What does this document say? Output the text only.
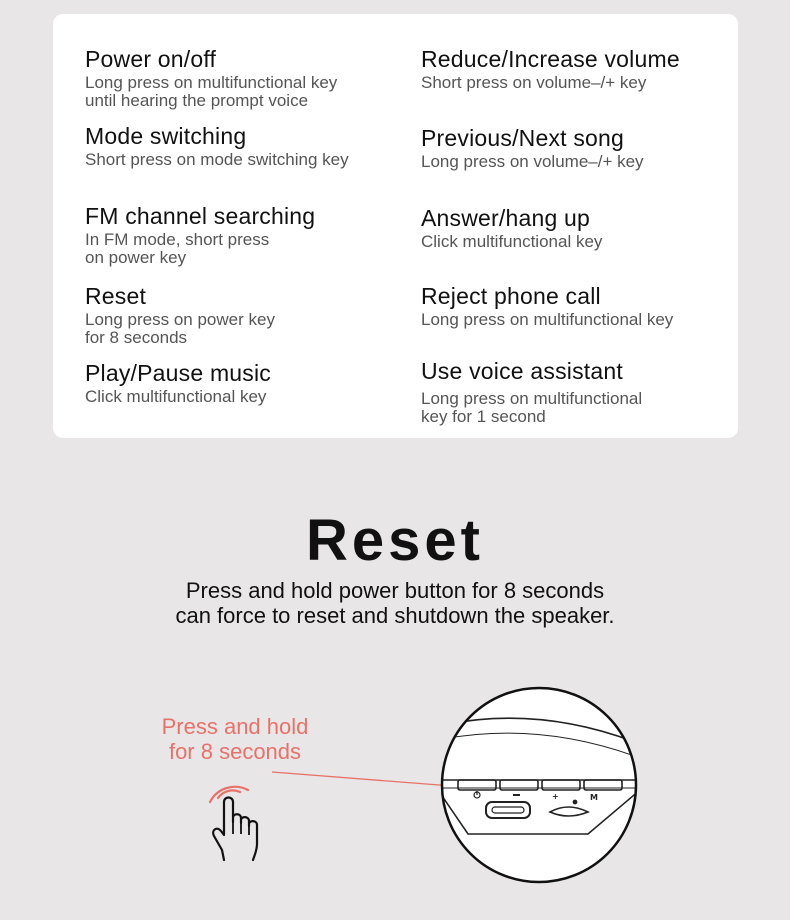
Power on/off
Long press on multifunctional key
until hearing the prompt voice
Reduce/Increase volume
Short press on volume–/+ key
Mode switching
Short press on mode switching key
Previous/Next song
Long press on volume–/+ key
FM channel searching
In FM mode, short press
on power key
Answer/hang up
Click multifunctional key
Reset
Long press on power key
for 8 seconds
Reject phone call
Long press on multifunctional key
Play/Pause music
Click multifunctional key
Use voice assistant
Long press on multifunctional
key for 1 second
Reset
Press and hold power button for 8 seconds
can force to reset and shutdown the speaker.
Press and hold
for 8 seconds
+	M
